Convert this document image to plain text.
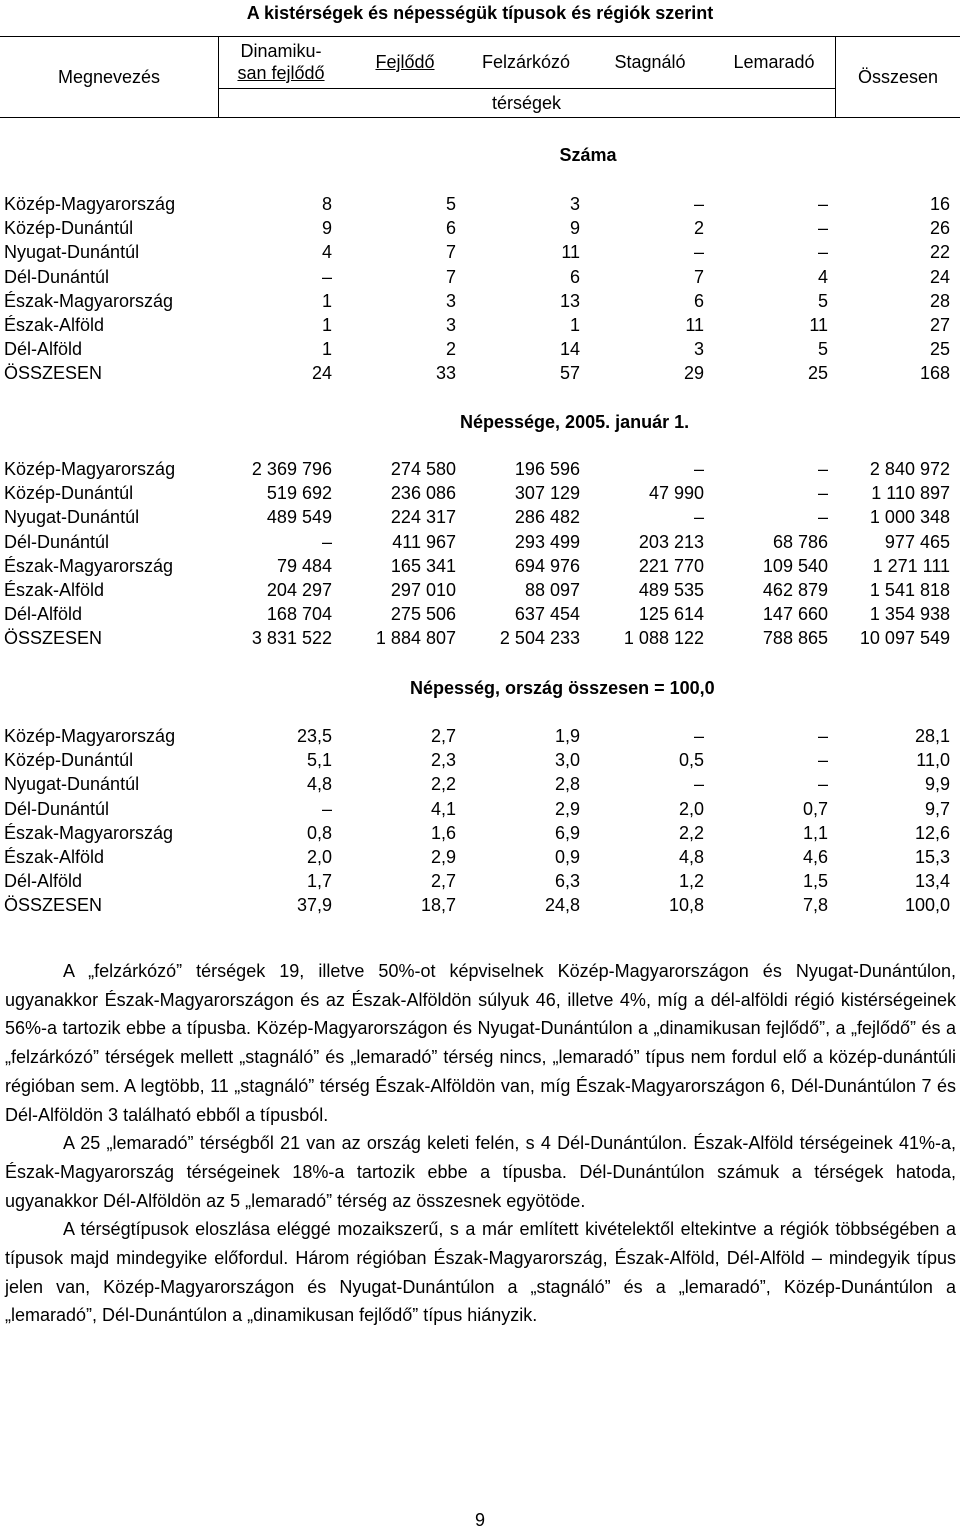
A kistérségek és népességük típusok és régiók szerint
Megnevezés
Dinamiku-
san fejlődő
Fejlődő	Felzárkózó	Stagnáló	Lemaradó
térségek
Összesen
Száma
Közép-Magyarország	8	5	3	–	–	16
Közép-Dunántúl	9	6	9	2	–	26
Nyugat-Dunántúl	4	7	11	–	–	22
Dél-Dunántúl	–	7	6	7	4	24
Észak-Magyarország	1	3	13	6	5	28
Észak-Alföld	1	3	1	11	11	27
Dél-Alföld	1	2	14	3	5	25
ÖSSZESEN	24	33	57	29	25	168
Népessége, 2005. január 1.
Közép-Magyarország	2 369 796	274 580	196 596	–	–	2 840 972
Közép-Dunántúl	519 692	236 086	307 129	47 990	–	1 110 897
Nyugat-Dunántúl	489 549	224 317	286 482	–	–	1 000 348
Dél-Dunántúl	–	411 967	293 499	203 213	68 786	977 465
Észak-Magyarország	79 484	165 341	694 976	221 770	109 540	1 271 111
Észak-Alföld	204 297	297 010	88 097	489 535	462 879	1 541 818
Dél-Alföld	168 704	275 506	637 454	125 614	147 660	1 354 938
ÖSSZESEN	3 831 522	1 884 807	2 504 233	1 088 122	788 865	10 097 549
Népesség, ország összesen = 100,0
Közép-Magyarország	23,5	2,7	1,9	–	–	28,1
Közép-Dunántúl	5,1	2,3	3,0	0,5	–	11,0
Nyugat-Dunántúl	4,8	2,2	2,8	–	–	9,9
Dél-Dunántúl	–	4,1	2,9	2,0	0,7	9,7
Észak-Magyarország	0,8	1,6	6,9	2,2	1,1	12,6
Észak-Alföld	2,0	2,9	0,9	4,8	4,6	15,3
Dél-Alföld	1,7	2,7	6,3	1,2	1,5	13,4
ÖSSZESEN	37,9	18,7	24,8	10,8	7,8	100,0

A „felzárkózó” térségek 19, illetve 50%-ot képviselnek Közép-Magyarországon és Nyugat-Dunántúlon, ugyanakkor Észak-Magyarországon és az Észak-Alföldön súlyuk 46, illetve 4%, míg a dél-alföldi régió kistérségeinek 56%-a tartozik ebbe a típusba. Közép-Magyarországon és Nyugat-Dunántúlon a „dinamikusan fejlődő”, a „fejlődő” és a „felzárkózó” térségek mellett „stagnáló” és „lemaradó” térség nincs, „lemaradó” típus nem fordul elő a közép-dunántúli régióban sem. A legtöbb, 11 „stagnáló” térség Észak-Alföldön van, míg Észak-Magyarországon 6, Dél-Dunántúlon 7 és Dél-Alföldön 3 található ebből a típusból.

A 25 „lemaradó” térségből 21 van az ország keleti felén, s 4 Dél-Dunántúlon. Észak-Alföld térségeinek 41%-a, Észak-Magyarország térségeinek 18%-a tartozik ebbe a típusba. Dél-Dunántúlon számuk a térségek hatoda, ugyanakkor Dél-Alföldön az 5 „lemaradó” térség az összesnek egyötöde.

A térségtípusok eloszlása eléggé mozaikszerű, s a már említett kivételektől eltekintve a régiók többségében a típusok majd mindegyike előfordul. Három régióban Észak-Magyarország, Észak-Alföld, Dél-Alföld – mindegyik típus jelen van, Közép-Magyarországon és Nyugat-Dunántúlon a „stagnáló” és a „lemaradó”, Közép-Dunántúlon a „lemaradó”, Dél-Dunántúlon a „dinamikusan fejlődő” típus hiányzik.

9
